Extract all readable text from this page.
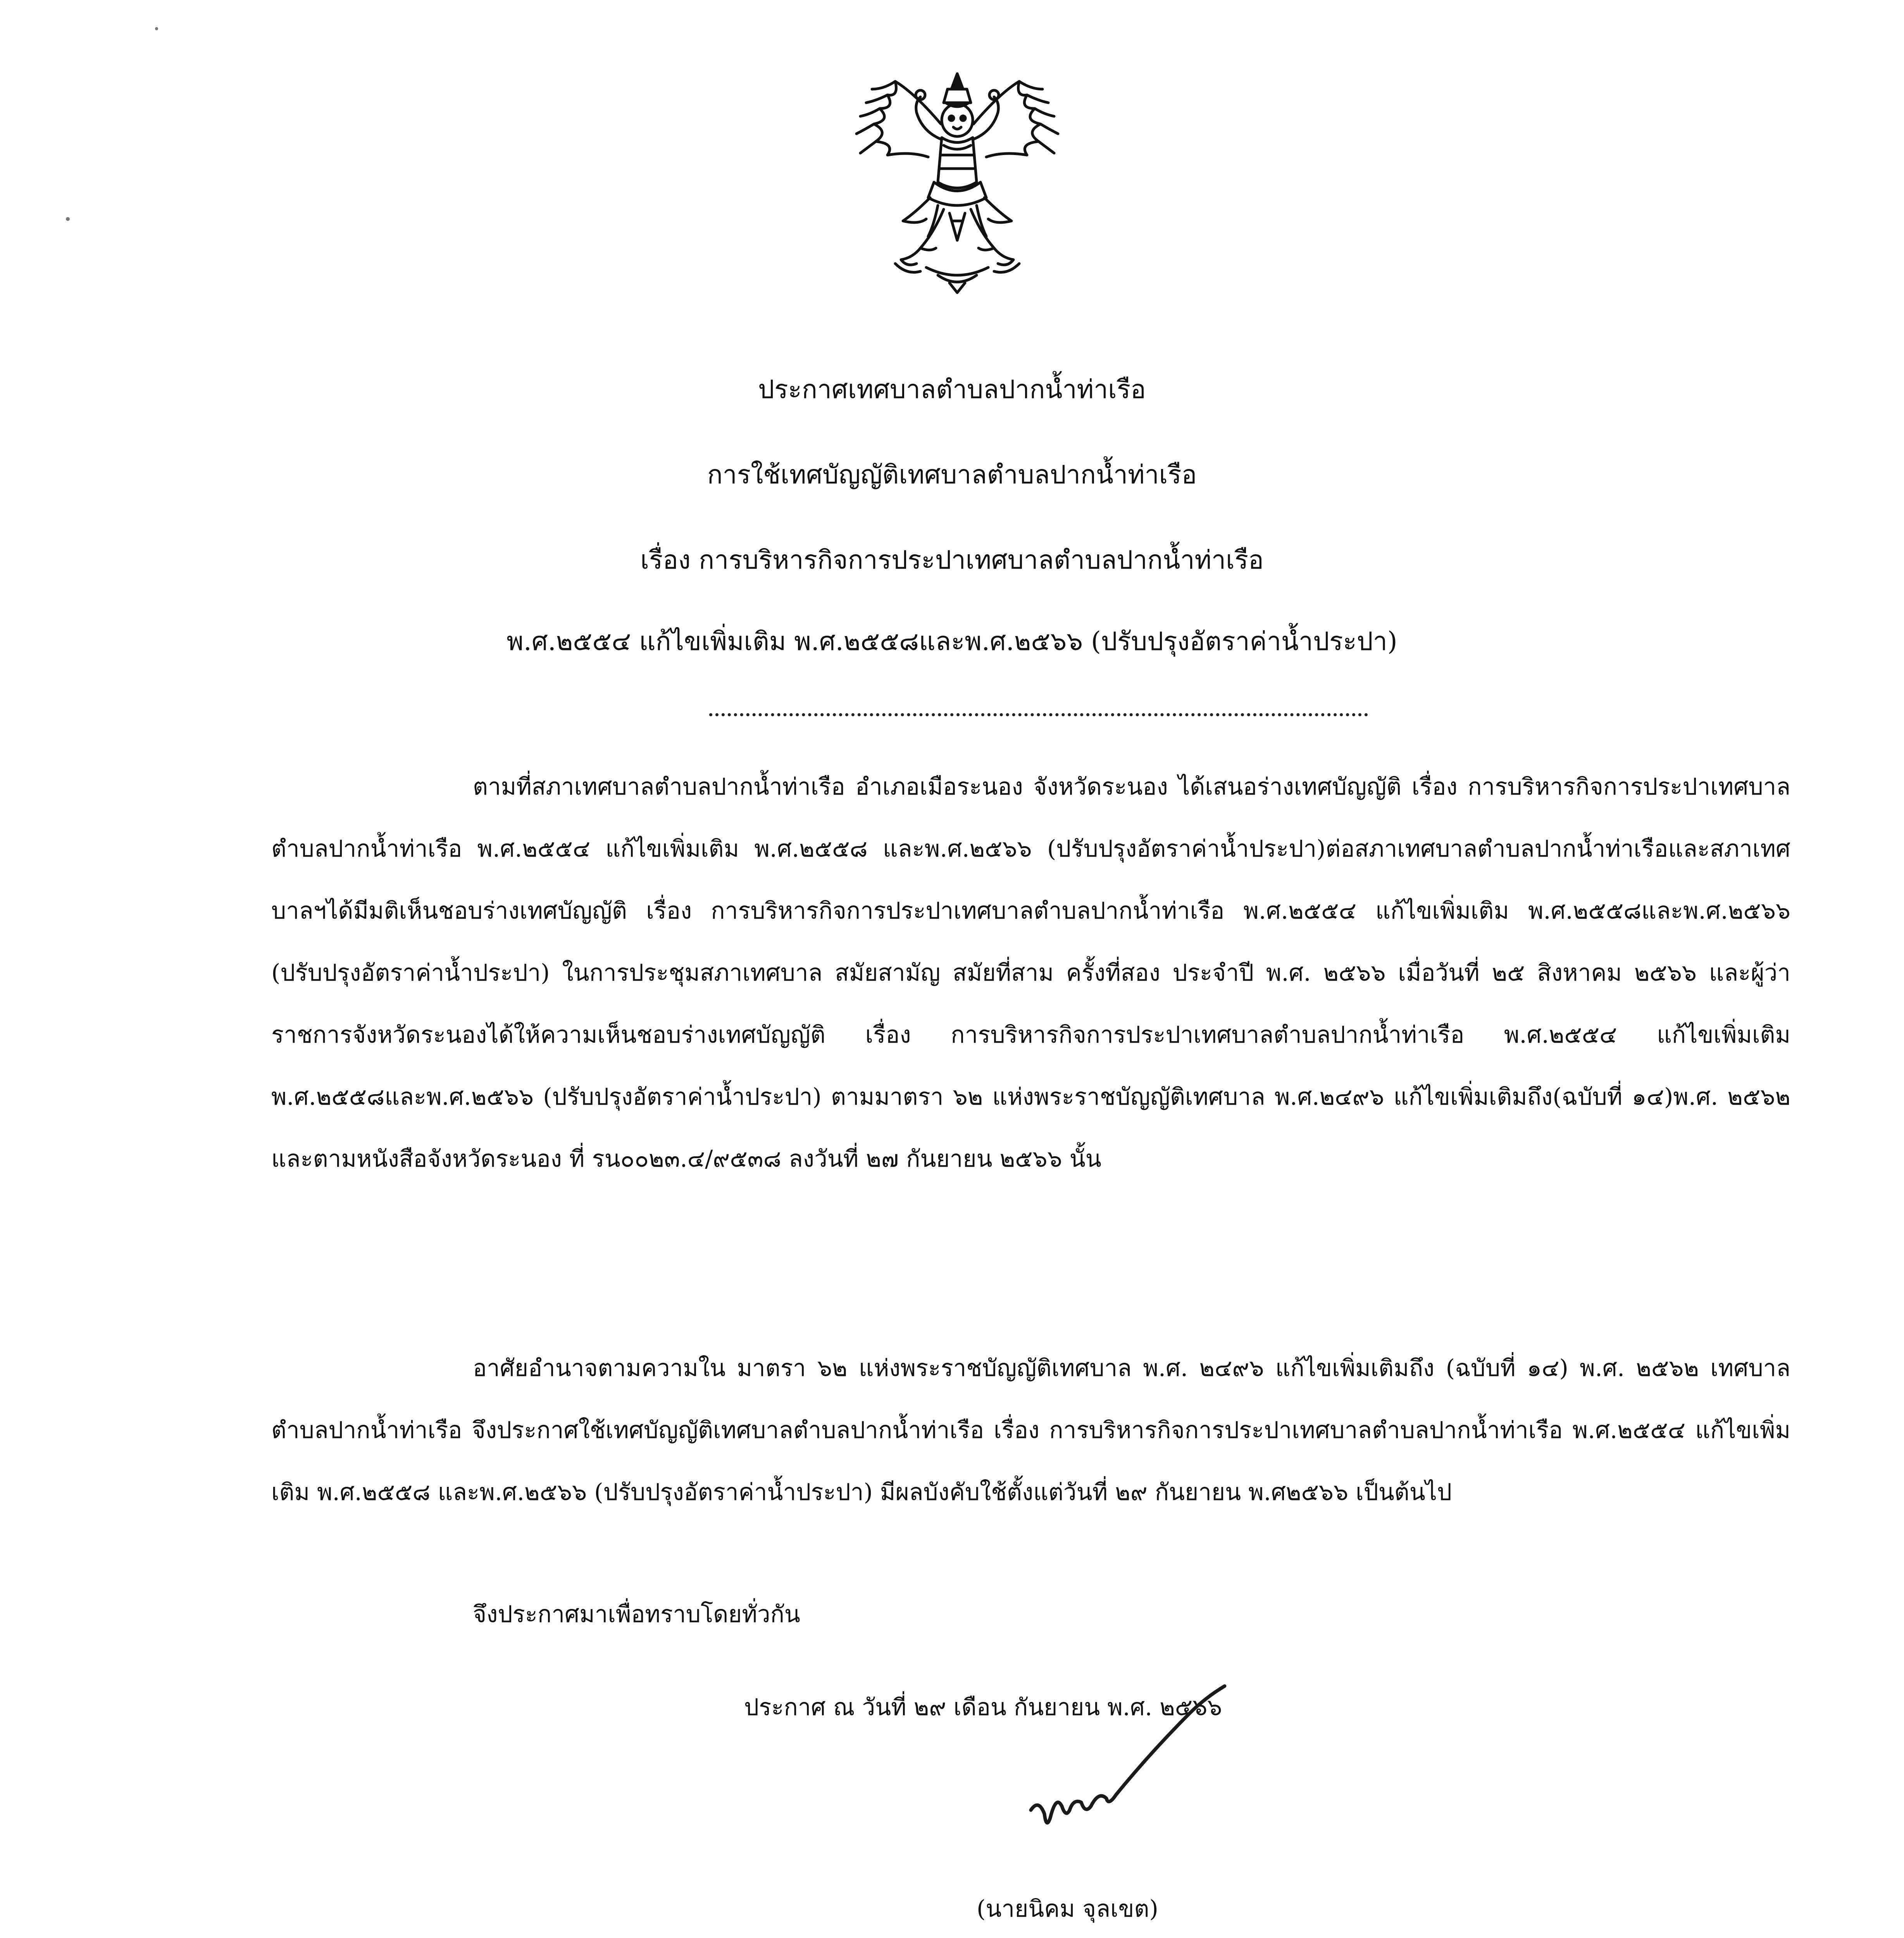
ประกาศเทศบาลตำบลปากน้ำท่าเรือ
การใช้เทศบัญญัติเทศบาลตำบลปากน้ำท่าเรือ
เรื่อง การบริหารกิจการประปาเทศบาลตำบลปากน้ำท่าเรือ
พ.ศ.๒๕๕๔ แก้ไขเพิ่มเติม พ.ศ.๒๕๕๘และพ.ศ.๒๕๖๖ (ปรับปรุงอัตราค่าน้ำประปา)

ตามที่สภาเทศบาลตำบลปากน้ำท่าเรือ อำเภอเมือระนอง จังหวัดระนอง ได้เสนอร่างเทศบัญญัติ เรื่อง การบริหารกิจการประปาเทศบาลตำบลปากน้ำท่าเรือ พ.ศ.๒๕๕๔ แก้ไขเพิ่มเติม พ.ศ.๒๕๕๘ และพ.ศ.๒๕๖๖ (ปรับปรุงอัตราค่าน้ำประปา)ต่อสภาเทศบาลตำบลปากน้ำท่าเรือและสภาเทศบาลฯได้มีมติเห็นชอบร่างเทศบัญญัติ เรื่อง การบริหารกิจการประปาเทศบาลตำบลปากน้ำท่าเรือ พ.ศ.๒๕๕๔ แก้ไขเพิ่มเติม พ.ศ.๒๕๕๘และพ.ศ.๒๕๖๖ (ปรับปรุงอัตราค่าน้ำประปา) ในการประชุมสภาเทศบาล สมัยสามัญ สมัยที่สาม ครั้งที่สอง ประจำปี พ.ศ. ๒๕๖๖ เมื่อวันที่ ๒๕ สิงหาคม ๒๕๖๖ และผู้ว่าราชการจังหวัดระนองได้ให้ความเห็นชอบร่างเทศบัญญัติ เรื่อง การบริหารกิจการประปาเทศบาลตำบลปากน้ำท่าเรือ พ.ศ.๒๕๕๔ แก้ไขเพิ่มเติม พ.ศ.๒๕๕๘และพ.ศ.๒๕๖๖ (ปรับปรุงอัตราค่าน้ำประปา) ตามมาตรา ๖๒ แห่งพระราชบัญญัติเทศบาล พ.ศ.๒๔๙๖ แก้ไขเพิ่มเติมถึง(ฉบับที่ ๑๔)พ.ศ. ๒๕๖๒ และตามหนังสือจังหวัดระนอง ที่ รน๐๐๒๓.๔/๙๕๓๘ ลงวันที่ ๒๗ กันยายน ๒๕๖๖ นั้น

อาศัยอำนาจตามความใน มาตรา ๖๒ แห่งพระราชบัญญัติเทศบาล พ.ศ. ๒๔๙๖ แก้ไขเพิ่มเติมถึง (ฉบับที่ ๑๔) พ.ศ. ๒๕๖๒ เทศบาลตำบลปากน้ำท่าเรือ จึงประกาศใช้เทศบัญญัติเทศบาลตำบลปากน้ำท่าเรือ เรื่อง การบริหารกิจการประปาเทศบาลตำบลปากน้ำท่าเรือ พ.ศ.๒๕๕๔ แก้ไขเพิ่มเติม พ.ศ.๒๕๕๘ และพ.ศ.๒๕๖๖ (ปรับปรุงอัตราค่าน้ำประปา) มีผลบังคับใช้ตั้งแต่วันที่ ๒๙ กันยายน พ.ศ๒๕๖๖ เป็นต้นไป

จึงประกาศมาเพื่อทราบโดยทั่วกัน
ประกาศ ณ วันที่ ๒๙ เดือน กันยายน พ.ศ. ๒๕๖๖
(นายนิคม จุลเขต)
